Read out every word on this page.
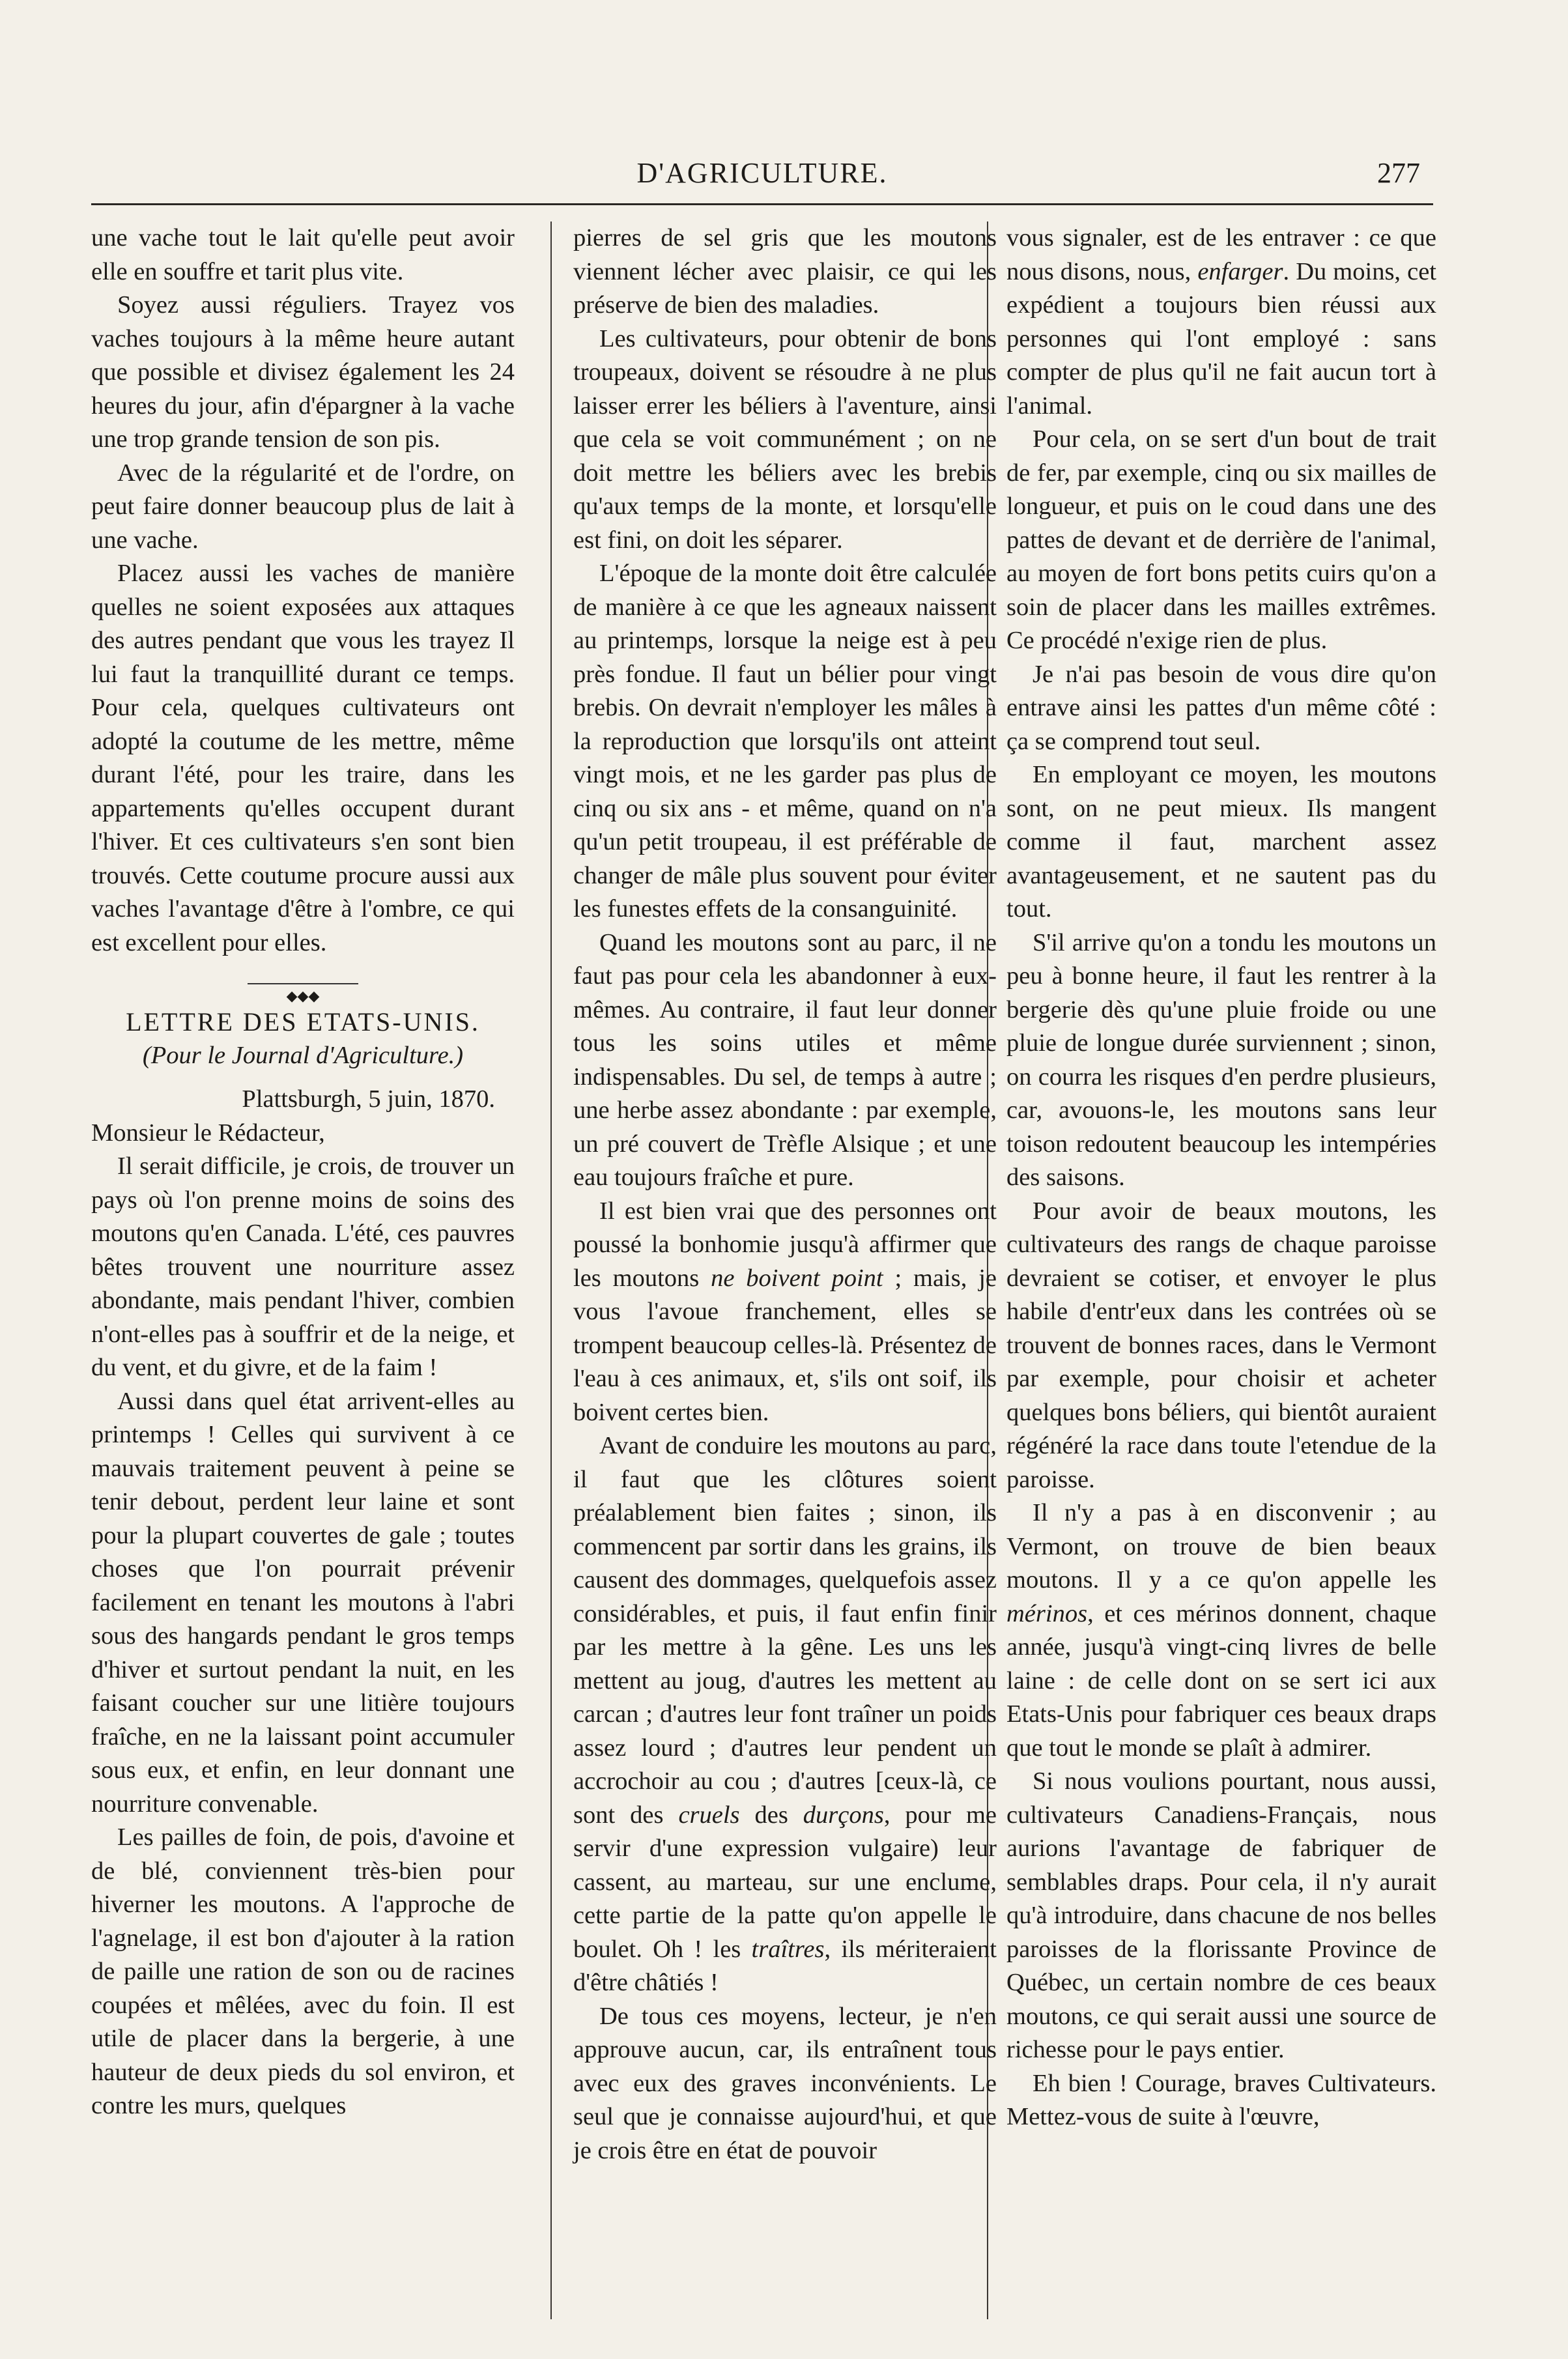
D'AGRICULTURE.	277

une vache tout le lait qu'elle peut avoir elle en souffre et tarit plus vite.

Soyez aussi réguliers. Trayez vos vaches toujours à la même heure autant que possible et divisez également les 24 heures du jour, afin d'épargner à la vache une trop grande tension de son pis.

Avec de la régularité et de l'ordre, on peut faire donner beaucoup plus de lait à une vache.

Placez aussi les vaches de manière quelles ne soient exposées aux attaques des autres pendant que vous les trayez Il lui faut la tranquillité durant ce temps. Pour cela, quelques cultivateurs ont adopté la coutume de les mettre, même durant l'été, pour les traire, dans les appartements qu'elles occupent durant l'hiver. Et ces cultivateurs s'en sont bien trouvés. Cette coutume procure aussi aux vaches l'avantage d'être à l'ombre, ce qui est excellent pour elles.

◆◆◆

LETTRE DES ETATS-UNIS.

(Pour le Journal d'Agriculture.)

Plattsburgh, 5 juin, 1870.

Monsieur le Rédacteur,

Il serait difficile, je crois, de trouver un pays où l'on prenne moins de soins des moutons qu'en Canada. L'été, ces pauvres bêtes trouvent une nourriture assez abondante, mais pendant l'hiver, combien n'ont-elles pas à souffrir et de la neige, et du vent, et du givre, et de la faim !

Aussi dans quel état arrivent-elles au printemps ! Celles qui survivent à ce mauvais traitement peuvent à peine se tenir debout, perdent leur laine et sont pour la plupart couvertes de gale ; toutes choses que l'on pourrait prévenir facilement en tenant les moutons à l'abri sous des hangards pendant le gros temps d'hiver et surtout pendant la nuit, en les faisant coucher sur une litière toujours fraîche, en ne la laissant point accumuler sous eux, et enfin, en leur donnant une nourriture convenable.

Les pailles de foin, de pois, d'avoine et de blé, conviennent très-bien pour hiverner les moutons. A l'approche de l'agnelage, il est bon d'ajouter à la ration de paille une ration de son ou de racines coupées et mêlées, avec du foin. Il est utile de placer dans la bergerie, à une hauteur de deux pieds du sol environ, et contre les murs, quelques

pierres de sel gris que les moutons viennent lécher avec plaisir, ce qui les préserve de bien des maladies.

Les cultivateurs, pour obtenir de bons troupeaux, doivent se résoudre à ne plus laisser errer les béliers à l'aventure, ainsi que cela se voit communément ; on ne doit mettre les béliers avec les brebis qu'aux temps de la monte, et lorsqu'elle est fini, on doit les séparer.

L'époque de la monte doit être calculée de manière à ce que les agneaux naissent au printemps, lorsque la neige est à peu près fondue. Il faut un bélier pour vingt brebis. On devrait n'employer les mâles à la reproduction que lorsqu'ils ont atteint vingt mois, et ne les garder pas plus de cinq ou six ans - et même, quand on n'a qu'un petit troupeau, il est préférable de changer de mâle plus souvent pour éviter les funestes effets de la consanguinité.

Quand les moutons sont au parc, il ne faut pas pour cela les abandonner à eux-mêmes. Au contraire, il faut leur donner tous les soins utiles et même indispensables. Du sel, de temps à autre ; une herbe assez abondante : par exemple, un pré couvert de Trèfle Alsique ; et une eau toujours fraîche et pure.

Il est bien vrai que des personnes ont poussé la bonhomie jusqu'à affirmer que les moutons ne boivent point ; mais, je vous l'avoue franchement, elles se trompent beaucoup celles-là. Présentez de l'eau à ces animaux, et, s'ils ont soif, ils boivent certes bien.

Avant de conduire les moutons au parc, il faut que les clôtures soient préalablement bien faites ; sinon, ils commencent par sortir dans les grains, ils causent des dommages, quelquefois assez considérables, et puis, il faut enfin finir par les mettre à la gêne. Les uns les mettent au joug, d'autres les mettent au carcan ; d'autres leur font traîner un poids assez lourd ; d'autres leur pendent un accrochoir au cou ; d'autres [ceux-là, ce sont des cruels des durçons, pour me servir d'une expression vulgaire) leur cassent, au marteau, sur une enclume, cette partie de la patte qu'on appelle le boulet. Oh ! les traîtres, ils mériteraient d'être châtiés !

De tous ces moyens, lecteur, je n'en approuve aucun, car, ils entraînent tous avec eux des graves inconvénients. Le seul que je connaisse aujourd'hui, et que je crois être en état de pouvoir

vous signaler, est de les entraver : ce que nous disons, nous, enfarger. Du moins, cet expédient a toujours bien réussi aux personnes qui l'ont employé : sans compter de plus qu'il ne fait aucun tort à l'animal.

Pour cela, on se sert d'un bout de trait de fer, par exemple, cinq ou six mailles de longueur, et puis on le coud dans une des pattes de devant et de derrière de l'animal, au moyen de fort bons petits cuirs qu'on a soin de placer dans les mailles extrêmes. Ce procédé n'exige rien de plus.

Je n'ai pas besoin de vous dire qu'on entrave ainsi les pattes d'un même côté : ça se comprend tout seul.

En employant ce moyen, les moutons sont, on ne peut mieux. Ils mangent comme il faut, marchent assez avantageusement, et ne sautent pas du tout.

S'il arrive qu'on a tondu les moutons un peu à bonne heure, il faut les rentrer à la bergerie dès qu'une pluie froide ou une pluie de longue durée surviennent ; sinon, on courra les risques d'en perdre plusieurs, car, avouons-le, les moutons sans leur toison redoutent beaucoup les intempéries des saisons.

Pour avoir de beaux moutons, les cultivateurs des rangs de chaque paroisse devraient se cotiser, et envoyer le plus habile d'entr'eux dans les contrées où se trouvent de bonnes races, dans le Vermont par exemple, pour choisir et acheter quelques bons béliers, qui bientôt auraient régénéré la race dans toute l'etendue de la paroisse.

Il n'y a pas à en disconvenir ; au Vermont, on trouve de bien beaux moutons. Il y a ce qu'on appelle les mérinos, et ces mérinos donnent, chaque année, jusqu'à vingt-cinq livres de belle laine : de celle dont on se sert ici aux Etats-Unis pour fabriquer ces beaux draps que tout le monde se plaît à admirer.

Si nous voulions pourtant, nous aussi, cultivateurs Canadiens-Français, nous aurions l'avantage de fabriquer de semblables draps. Pour cela, il n'y aurait qu'à introduire, dans chacune de nos belles paroisses de la florissante Province de Québec, un certain nombre de ces beaux moutons, ce qui serait aussi une source de richesse pour le pays entier.

Eh bien ! Courage, braves Cultivateurs. Mettez-vous de suite à l'œuvre,
